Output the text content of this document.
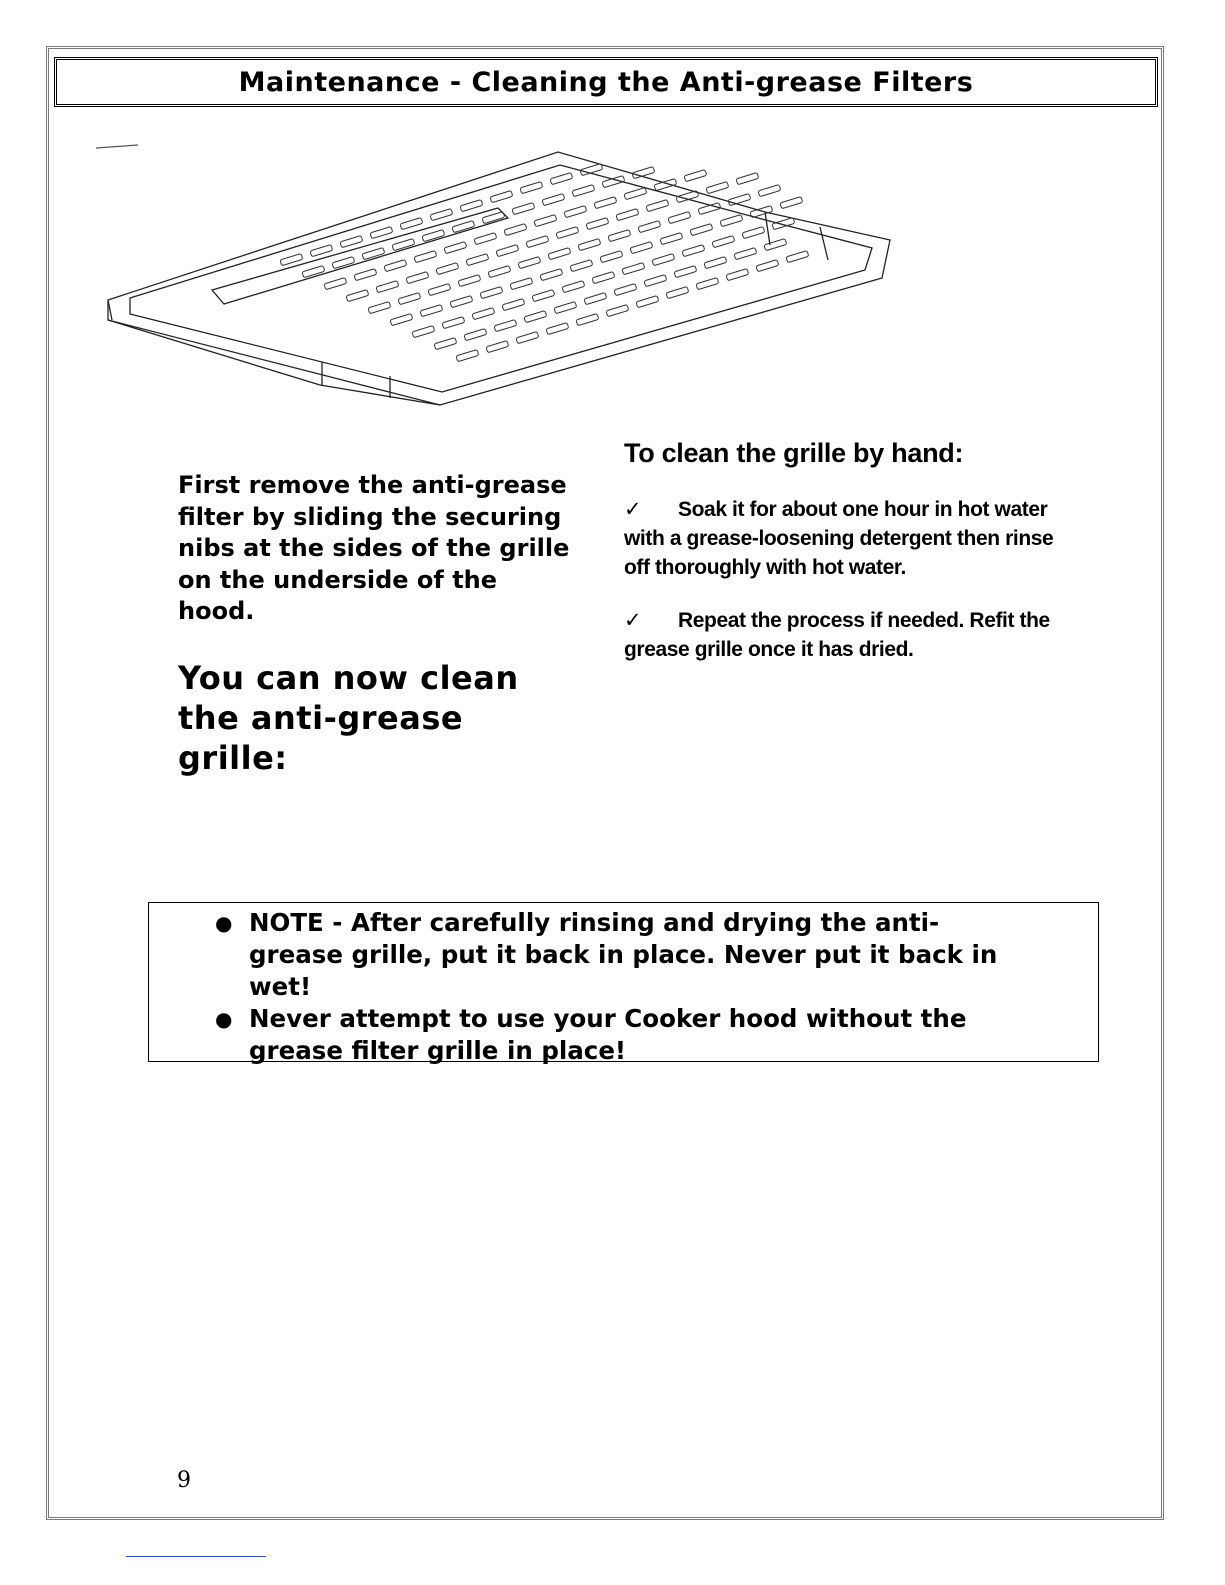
Maintenance - Cleaning the Anti-grease Filters

First remove the anti-grease filter by sliding the securing nibs at the sides of the grille on the underside of the hood.

You can now clean the anti-grease grille:

To clean the grille by hand:

✓ Soak it for about one hour in hot water with a grease-loosening detergent then rinse off thoroughly with hot water.

✓ Repeat the process if needed. Refit the grease grille once it has dried.

● NOTE - After carefully rinsing and drying the anti-grease grille, put it back in place. Never put it back in wet!
● Never attempt to use your Cooker hood without the grease filter grille in place!
9
